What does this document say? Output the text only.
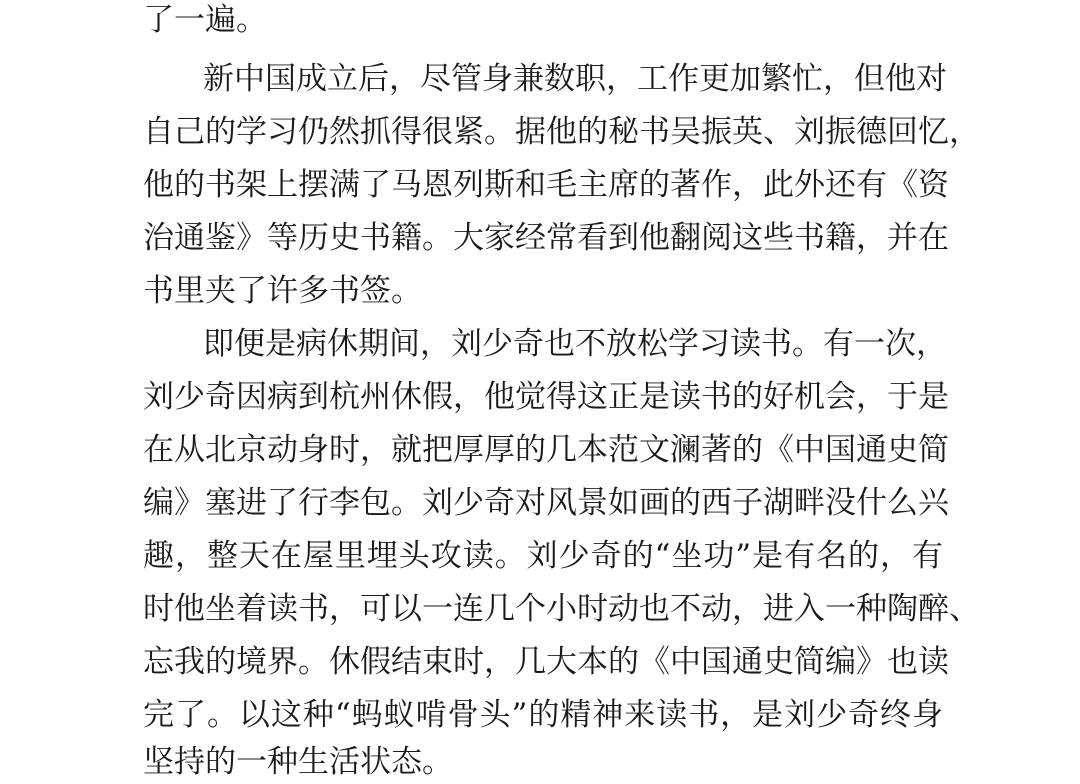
了一遍。
新中国成立后，尽管身兼数职，工作更加繁忙，但他对
自己的学习仍然抓得很紧。据他的秘书吴振英、刘振德回忆，
他的书架上摆满了马恩列斯和毛主席的著作，此外还有《资
治通鉴》等历史书籍。大家经常看到他翻阅这些书籍，并在
书里夹了许多书签。
即便是病休期间，刘少奇也不放松学习读书。有一次，
刘少奇因病到杭州休假，他觉得这正是读书的好机会，于是
在从北京动身时，就把厚厚的几本范文澜著的《中国通史简
编》塞进了行李包。刘少奇对风景如画的西子湖畔没什么兴
趣，整天在屋里埋头攻读。刘少奇的“坐功”是有名的，有
时他坐着读书，可以一连几个小时动也不动，进入一种陶醉、
忘我的境界。休假结束时，几大本的《中国通史简编》也读
完了。以这种“蚂蚁啃骨头”的精神来读书，是刘少奇终身
坚持的一种生活状态。
